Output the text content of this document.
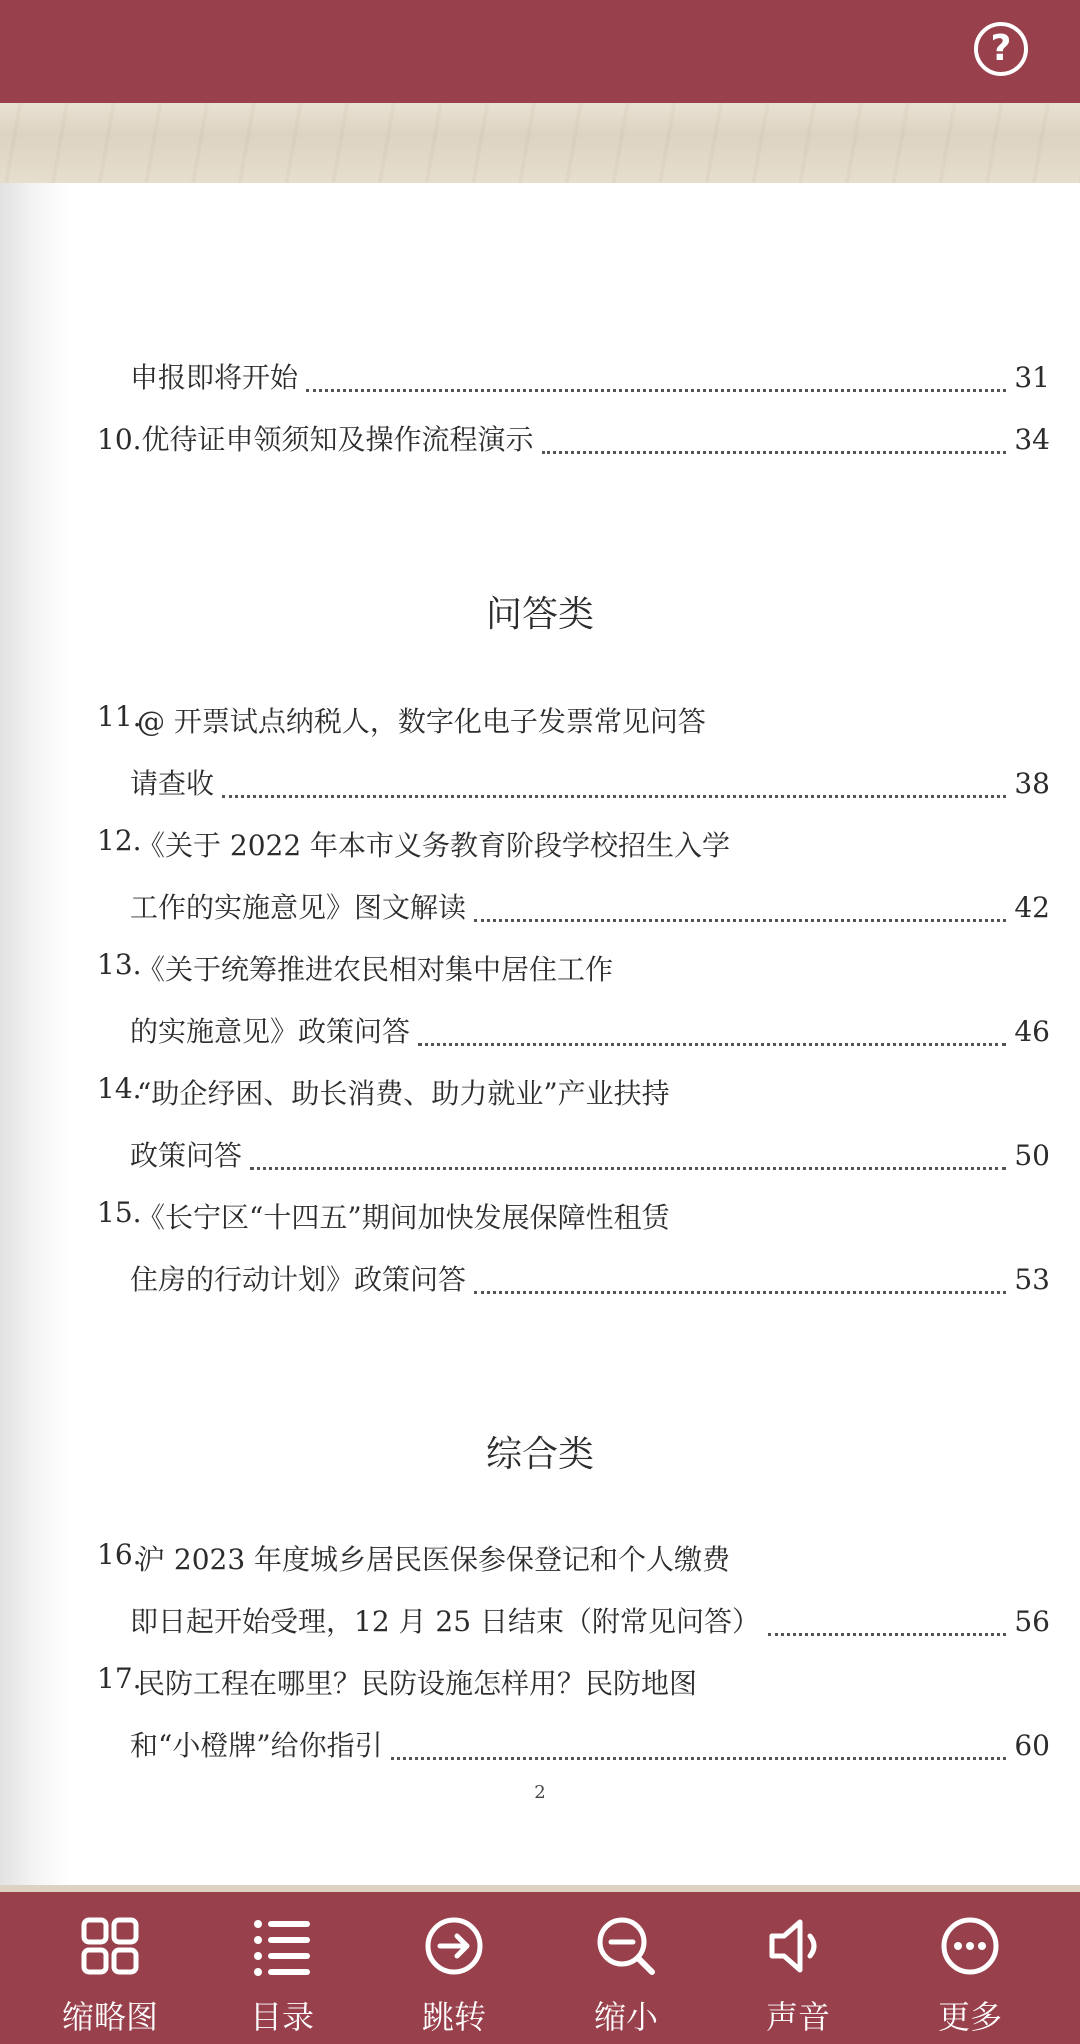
?
申报即将开始	31
10. 优待证申领须知及操作流程演示	34
问答类
11.
@ 开票试点纳税人，数字化电子发票常见问答
请查收	38
12.
《关于 2022 年本市义务教育阶段学校招生入学
工作的实施意见》图文解读	42
13.
《关于统筹推进农民相对集中居住工作
的实施意见》政策问答	46
14.
“助企纾困、助长消费、助力就业”产业扶持
政策问答	50
15.
《长宁区“十四五”期间加快发展保障性租赁
住房的行动计划》政策问答	53
综合类
16.
沪 2023 年度城乡居民医保参保登记和个人缴费
即日起开始受理，12 月 25 日结束（附常见问答）	56
17.
民防工程在哪里？民防设施怎样用？民防地图
和“小橙牌”给你指引	60
2
缩略图	目录	跳转	缩小	声音	更多
